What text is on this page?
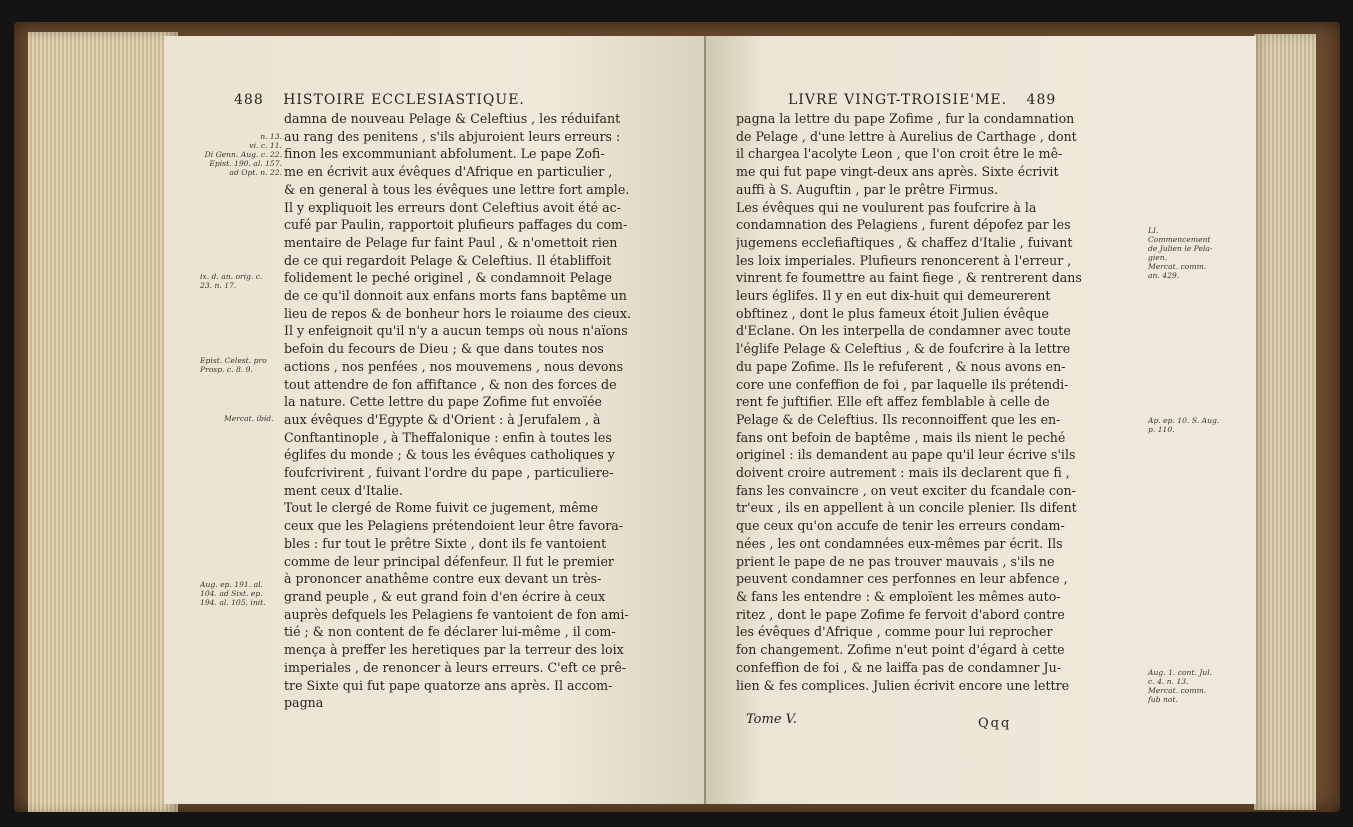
488 HISTOIRE ECCLESIASTIQUE.
n. 13.
vi. c. 11.
Di Genn. Aug. c. 22.
Epist. 190. al. 157.
ad Opt. n. 22.
ix. d. an. orig. c.
23. n. 17.
Epist. Celest. pro
Prosp. c. 8. 9.
Mercat. ibid.
Aug. ep. 191. al.
104. ad Sixt. ep.
194. al. 105. init.
damna de nouveau Pelage & Celeftius , les réduifant
au rang des penitens , s'ils abjuroient leurs erreurs :
finon les excommuniant abfolument. Le pape Zofi-
me en écrivit aux évêques d'Afrique en particulier ,
& en general à tous les évêques une lettre fort ample.
Il y expliquoit les erreurs dont Celeftius avoit été ac-
cufé par Paulin, rapportoit plufieurs paffages du com-
mentaire de Pelage fur faint Paul , & n'omettoit rien
de ce qui regardoit Pelage & Celeftius. Il établiffoit
folidement le peché originel , & condamnoit Pelage
de ce qu'il donnoit aux enfans morts fans baptême un
lieu de repos & de bonheur hors le roiaume des cieux.
Il y enfeignoit qu'il n'y a aucun temps où nous n'aïons
befoin du fecours de Dieu ; & que dans toutes nos
actions , nos penfées , nos mouvemens , nous devons
tout attendre de fon affiftance , & non des forces de
la nature. Cette lettre du pape Zofime fut envoïée
aux évêques d'Egypte & d'Orient : à Jerufalem , à
Conftantinople , à Theffalonique : enfin à toutes les
églifes du monde ; & tous les évêques catholiques y
foufcrivirent , fuivant l'ordre du pape , particuliere-
ment ceux d'Italie.
Tout le clergé de Rome fuivit ce jugement, même
ceux que les Pelagiens prétendoient leur être favora-
bles : fur tout le prêtre Sixte , dont ils fe vantoient
comme de leur principal défenfeur. Il fut le premier
à prononcer anathême contre eux devant un très-
grand peuple , & eut grand foin d'en écrire à ceux
auprès defquels les Pelagiens fe vantoient de fon ami-
tié ; & non content de fe déclarer lui-même , il com-
mença à preffer les heretiques par la terreur des loix
imperiales , de renoncer à leurs erreurs. C'eft ce prê-
tre Sixte qui fut pape quatorze ans après. Il accom-
pagna
LIVRE VINGT-TROISIE'ME. 489
pagna la lettre du pape Zofime , fur la condamnation
de Pelage , d'une lettre à Aurelius de Carthage , dont
il chargea l'acolyte Leon , que l'on croit être le mê-
me qui fut pape vingt-deux ans après. Sixte écrivit
auffi à S. Auguftin , par le prêtre Firmus.
Les évêques qui ne voulurent pas foufcrire à la
condamnation des Pelagiens , furent dépofez par les
jugemens ecclefiaftiques , & chaffez d'Italie , fuivant
les loix imperiales. Plufieurs renoncerent à l'erreur ,
vinrent fe foumettre au faint fiege , & rentrerent dans
leurs églifes. Il y en eut dix-huit qui demeurerent
obftinez , dont le plus fameux étoit Julien évêque
d'Eclane. On les interpella de condamner avec toute
l'églife Pelage & Celeftius , & de foufcrire à la lettre
du pape Zofime. Ils le refuferent , & nous avons en-
core une confeffion de foi , par laquelle ils prétendi-
rent fe juftifier. Elle eft affez femblable à celle de
Pelage & de Celeftius. Ils reconnoiffent que les en-
fans ont befoin de baptême , mais ils nient le peché
originel : ils demandent au pape qu'il leur écrive s'ils
doivent croire autrement : mais ils declarent que fi ,
fans les convaincre , on veut exciter du fcandale con-
tr'eux , ils en appellent à un concile plenier. Ils difent
que ceux qu'on accufe de tenir les erreurs condam-
nées , les ont condamnées eux-mêmes par écrit. Ils
prient le pape de ne pas trouver mauvais , s'ils ne
peuvent condamner ces perfonnes en leur abfence ,
& fans les entendre : & emploïent les mêmes auto-
ritez , dont le pape Zofime fe fervoit d'abord contre
les évêques d'Afrique , comme pour lui reprocher
fon changement. Zofime n'eut point d'égard à cette
confeffion de foi , & ne laiffa pas de condamner Ju-
lien & fes complices. Julien écrivit encore une lettre
LI.
Commencement
de Julien le Pela-
gien.
Mercat. comm.
an. 429.
Ap. ep. 10. S. Aug.
p. 110.
Aug. 1. cont. Jul.
c. 4. n. 13.
Mercat. comm.
fub not.
Tome V.	Qqq
